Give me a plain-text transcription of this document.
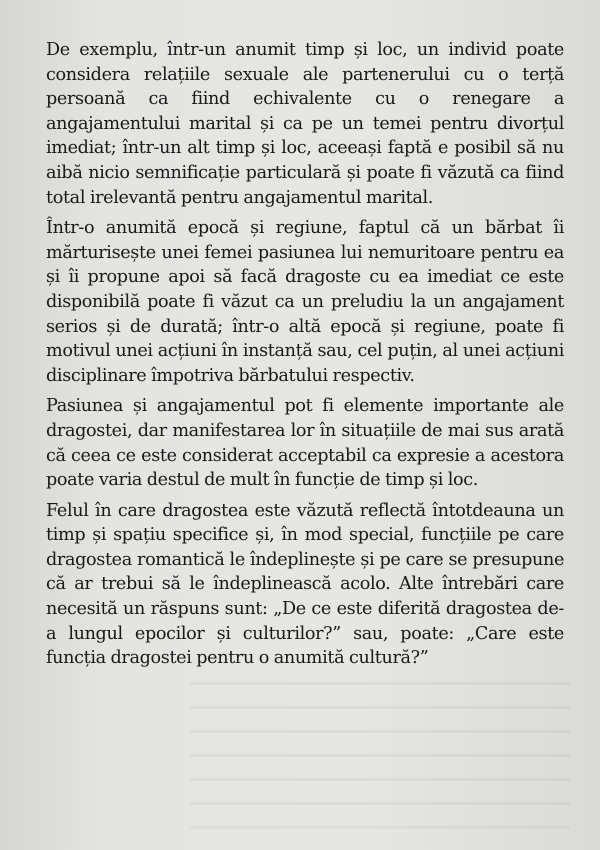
De exemplu, într-un anumit timp și loc, un individ poate considera relațiile sexuale ale partenerului cu o terță persoană ca fiind echivalente cu o renegare a angajamentului marital și ca pe un temei pentru divorțul imediat; într-un alt timp și loc, aceeași faptă e posibil să nu aibă nicio semnificație particulară și poate fi văzută ca fiind total irelevantă pentru angajamentul marital.

Într-o anumită epocă și regiune, faptul că un bărbat îi mărturisește unei femei pasiunea lui nemuritoare pentru ea și îi propune apoi să facă dragoste cu ea imediat ce este disponibilă poate fi văzut ca un preludiu la un angajament serios și de durată; într-o altă epocă și regiune, poate fi motivul unei acțiuni în instanță sau, cel puțin, al unei acțiuni disciplinare împotriva bărbatului respectiv.

Pasiunea și angajamentul pot fi elemente importante ale dragostei, dar manifestarea lor în situațiile de mai sus arată că ceea ce este considerat acceptabil ca expresie a acestora poate varia destul de mult în funcție de timp și loc.

Felul în care dragostea este văzută reflectă întotdeauna un timp și spațiu specifice și, în mod special, funcțiile pe care dragostea romantică le îndeplinește și pe care se presupune că ar trebui să le îndeplinească acolo. Alte întrebări care necesită un răspuns sunt: „De ce este diferită dragostea de-a lungul epocilor și culturilor?” sau, poate: „Care este funcția dragostei pentru o anumită cultură?”
